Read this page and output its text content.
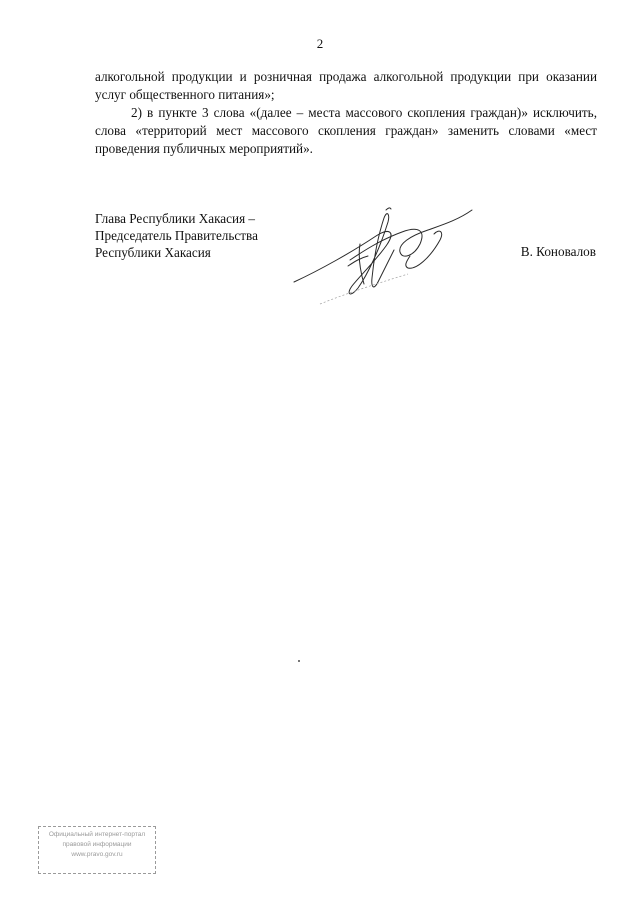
2

алкогольной продукции и розничная продажа алкогольной продукции при оказании услуг общественного питания»;

2) в пункте 3 слова «(далее – места массового скопления граждан)» исключить, слова «территорий мест массового скопления граждан» заменить словами «мест проведения публичных мероприятий».

Глава Республики Хакасия –
Председатель Правительства
Республики Хакасия	В. Коновалов
Официальный интернет-портал
правовой информации
www.pravo.gov.ru
